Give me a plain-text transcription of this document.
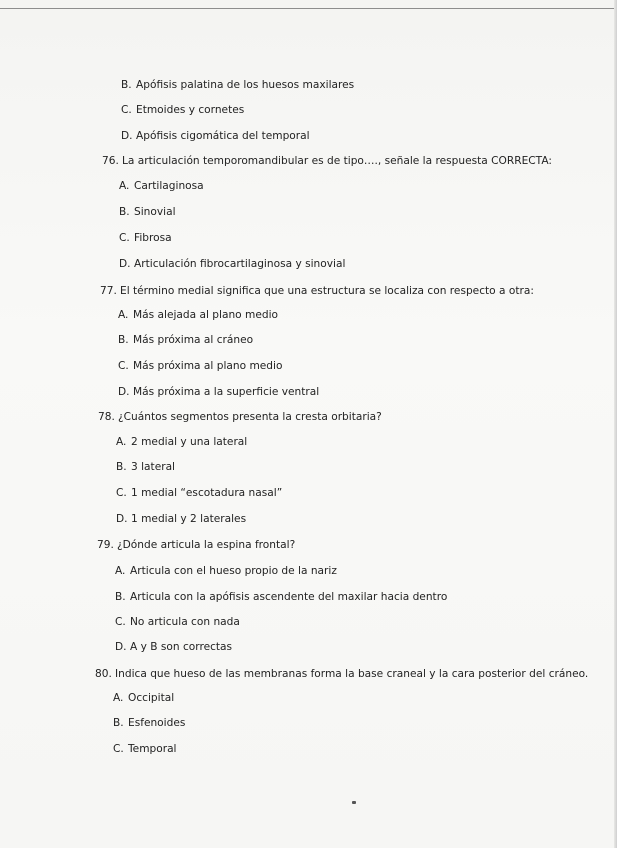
B. Apófisis palatina de los huesos maxilares
C. Etmoides y cornetes
D. Apófisis cigomática del temporal
76. La articulación temporomandibular es de tipo…., señale la respuesta CORRECTA:
A. Cartilaginosa
B. Sinovial
C. Fibrosa
D. Articulación fibrocartilaginosa y sinovial
77. El término medial significa que una estructura se localiza con respecto a otra:
A. Más alejada al plano medio
B. Más próxima al cráneo
C. Más próxima al plano medio
D. Más próxima a la superficie ventral
78. ¿Cuántos segmentos presenta la cresta orbitaria?
A. 2 medial y una lateral
B. 3 lateral
C. 1 medial “escotadura nasal”
D. 1 medial y 2 laterales
79. ¿Dónde articula la espina frontal?
A. Articula con el hueso propio de la nariz
B. Articula con la apófisis ascendente del maxilar hacia dentro
C. No articula con nada
D. A y B son correctas
80. Indica que hueso de las membranas forma la base craneal y la cara posterior del cráneo.
A. Occipital
B. Esfenoides
C. Temporal
